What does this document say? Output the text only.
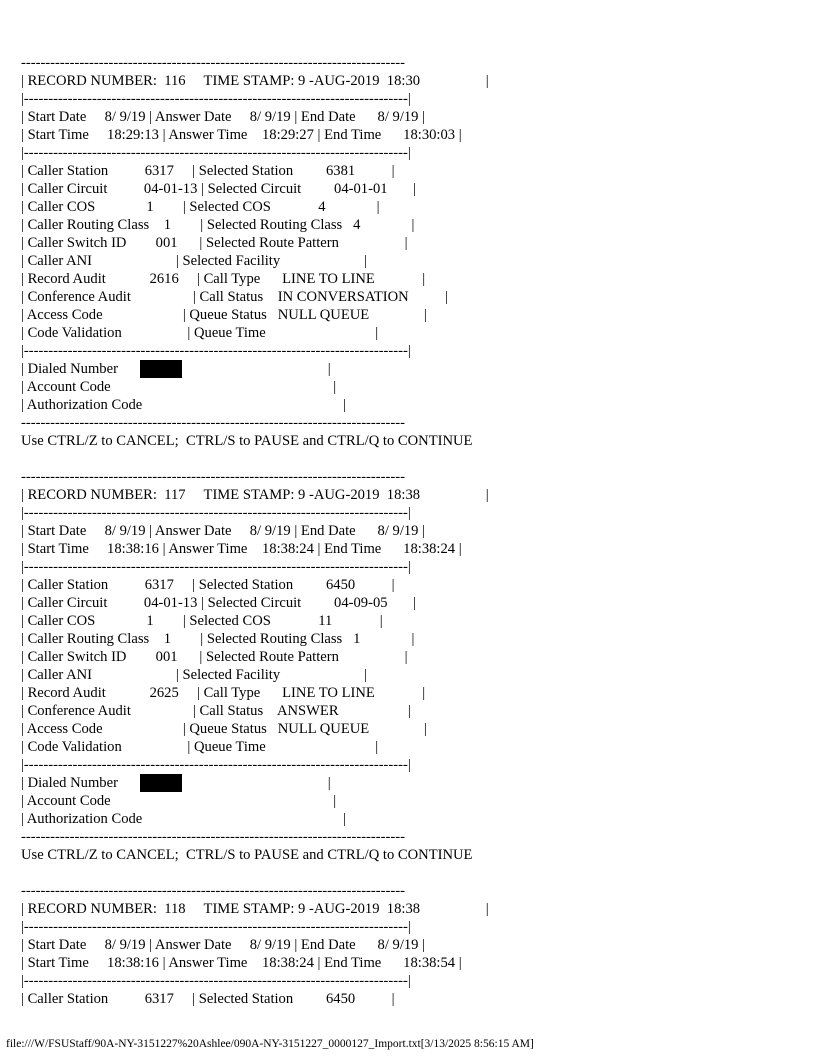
-------------------------------------------------------------------------------
| RECORD NUMBER:  116     TIME STAMP: 9 -AUG-2019  18:30                  |
|-------------------------------------------------------------------------------|
| Start Date     8/ 9/19 | Answer Date     8/ 9/19 | End Date      8/ 9/19 |
| Start Time     18:29:13 | Answer Time    18:29:27 | End Time      18:30:03 |
|-------------------------------------------------------------------------------|
| Caller Station          6317     | Selected Station         6381          |
| Caller Circuit          04-01-13 | Selected Circuit         04-01-01       |
| Caller COS              1        | Selected COS             4              |
| Caller Routing Class    1        | Selected Routing Class   4              |
| Caller Switch ID        001      | Selected Route Pattern                  |
| Caller ANI                       | Selected Facility                       |
| Record Audit            2616     | Call Type      LINE TO LINE             |
| Conference Audit                 | Call Status    IN CONVERSATION          |
| Access Code                      | Queue Status   NULL QUEUE               |
| Code Validation                  | Queue Time                              |
|-------------------------------------------------------------------------------|
| Dialed Number	|
| Account Code                                                             |
| Authorization Code                                                       |
-------------------------------------------------------------------------------
Use CTRL/Z to CANCEL;  CTRL/S to PAUSE and CTRL/Q to CONTINUE
-------------------------------------------------------------------------------
| RECORD NUMBER:  117     TIME STAMP: 9 -AUG-2019  18:38                  |
|-------------------------------------------------------------------------------|
| Start Date     8/ 9/19 | Answer Date     8/ 9/19 | End Date      8/ 9/19 |
| Start Time     18:38:16 | Answer Time    18:38:24 | End Time      18:38:24 |
|-------------------------------------------------------------------------------|
| Caller Station          6317     | Selected Station         6450          |
| Caller Circuit          04-01-13 | Selected Circuit         04-09-05       |
| Caller COS              1        | Selected COS             11             |
| Caller Routing Class    1        | Selected Routing Class   1              |
| Caller Switch ID        001      | Selected Route Pattern                  |
| Caller ANI                       | Selected Facility                       |
| Record Audit            2625     | Call Type      LINE TO LINE             |
| Conference Audit                 | Call Status    ANSWER                   |
| Access Code                      | Queue Status   NULL QUEUE               |
| Code Validation                  | Queue Time                              |
|-------------------------------------------------------------------------------|
| Dialed Number	|
| Account Code                                                             |
| Authorization Code                                                       |
-------------------------------------------------------------------------------
Use CTRL/Z to CANCEL;  CTRL/S to PAUSE and CTRL/Q to CONTINUE
-------------------------------------------------------------------------------
| RECORD NUMBER:  118     TIME STAMP: 9 -AUG-2019  18:38                  |
|-------------------------------------------------------------------------------|
| Start Date     8/ 9/19 | Answer Date     8/ 9/19 | End Date      8/ 9/19 |
| Start Time     18:38:16 | Answer Time    18:38:24 | End Time      18:38:54 |
|-------------------------------------------------------------------------------|
| Caller Station          6317     | Selected Station         6450          |
file:///W/FSUStaff/90A-NY-3151227%20Ashlee/090A-NY-3151227_0000127_Import.txt[3/13/2025 8:56:15 AM]
